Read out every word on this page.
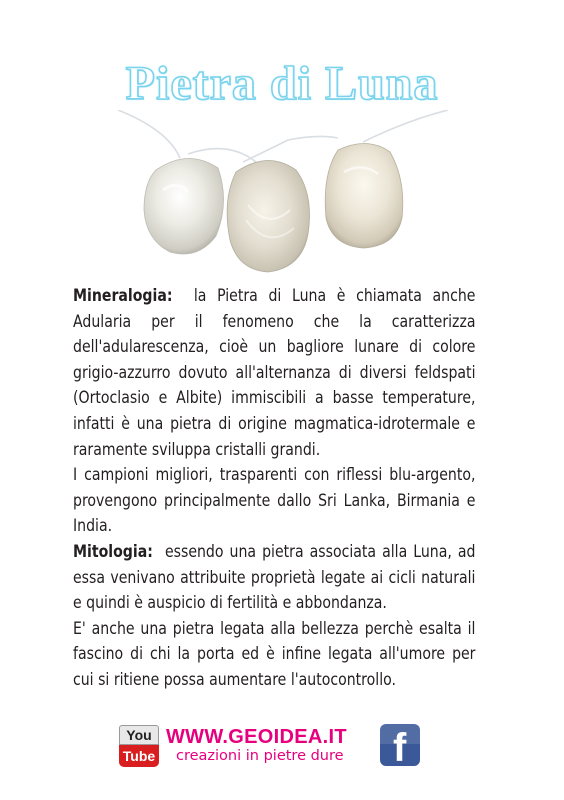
Pietra di Luna

Mineralogia: la Pietra di Luna è chiamata anche Adularia per il fenomeno che la caratterizza dell'adularescenza, cioè un bagliore lunare di colore grigio-azzurro dovuto all'alternanza di diversi feldspati (Ortoclasio e Albite) immiscibili a basse temperature, infatti è una pietra di origine magmatica-idrotermale e raramente sviluppa cristalli grandi.

I campioni migliori, trasparenti con riflessi blu-argento, provengono principalmente dallo Sri Lanka, Birmania e India.

Mitologia: essendo una pietra associata alla Luna, ad essa venivano attribuite proprietà legate ai cicli naturali e quindi è auspicio di fertilità e abbondanza.

E' anche una pietra legata alla bellezza perchè esalta il fascino di chi la porta ed è infine legata all'umore per cui si ritiene possa aumentare l'autocontrollo.

You
Tube
WWW.GEOIDEA.IT
creazioni in pietre dure f
